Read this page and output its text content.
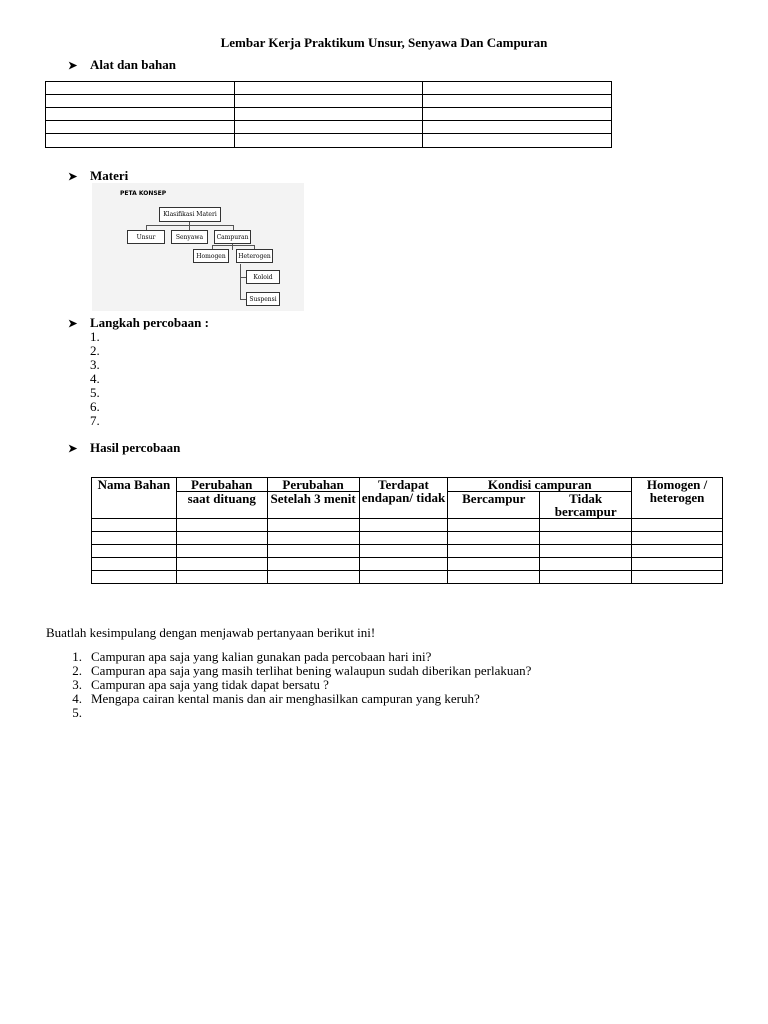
Lembar Kerja Praktikum Unsur, Senyawa Dan Campuran
➤ Alat dan bahan

➤ Materi
PETA KONSEP
Klasifikasi Materi
Unsur	Senyawa	Campuran
Homogen	Heterogen
Koloid
Suspensi
➤ Langkah percobaan :
1.
2.
3.
4.
5.
6.
7.
➤ Hasil percobaan
Nama Bahan	Perubahan	Perubahan	Terdapat endapan/ tidak	Kondisi campuran		Homogen / heterogen
	saat dituang	Setelah 3 menit		Bercampur	Tidak bercampur	

Buatlah kesimpulang dengan menjawab pertanyaan berikut ini!
1. Campuran apa saja yang kalian gunakan pada percobaan hari ini?
2. Campuran apa saja yang masih terlihat bening walaupun sudah diberikan perlakuan?
3. Campuran apa saja yang tidak dapat bersatu ?
4. Mengapa cairan kental manis dan air menghasilkan campuran yang keruh?
5.
